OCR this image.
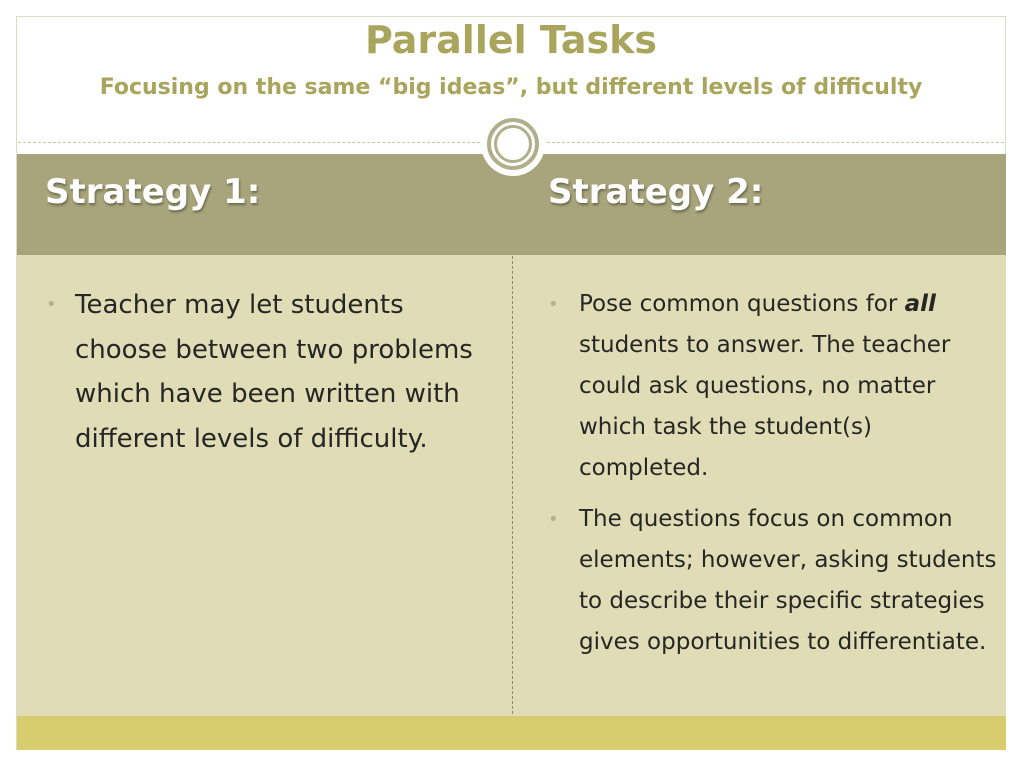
Parallel Tasks
Focusing on the same “big ideas”, but different levels of difficulty
Strategy 1:	Strategy 2:
• Teacher may let students choose between two problems which have been written with different levels of difficulty.
• Pose common questions for all students to answer. The teacher could ask questions, no matter which task the student(s) completed.
• The questions focus on common elements; however, asking students to describe their specific strategies gives opportunities to differentiate.
